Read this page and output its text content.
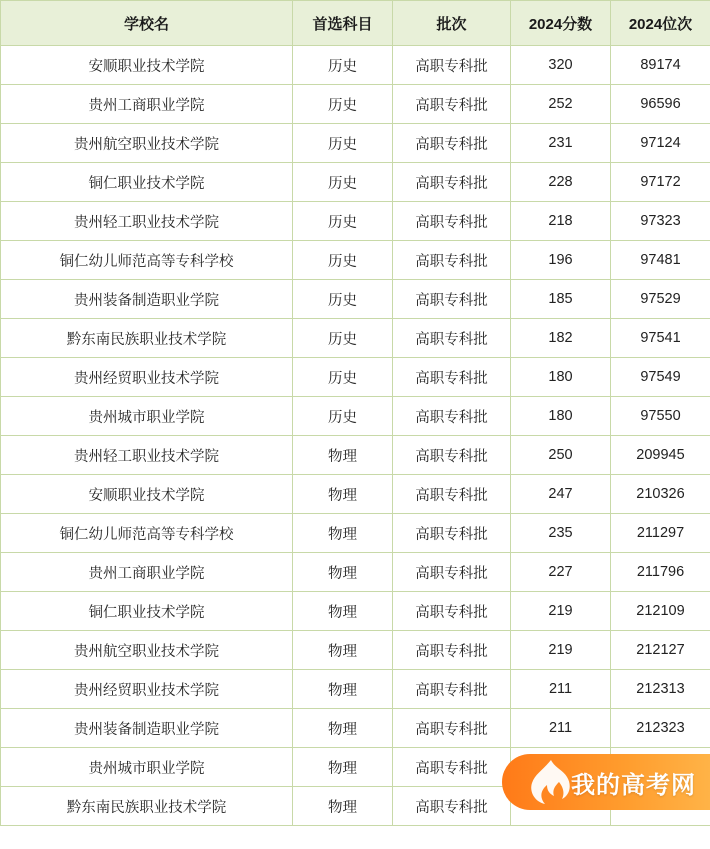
学校名	首选科目	批次	2024分数	2024位次
安顺职业技术学院	历史	高职专科批	320	89174
贵州工商职业学院	历史	高职专科批	252	96596
贵州航空职业技术学院	历史	高职专科批	231	97124
铜仁职业技术学院	历史	高职专科批	228	97172
贵州轻工职业技术学院	历史	高职专科批	218	97323
铜仁幼儿师范高等专科学校	历史	高职专科批	196	97481
贵州装备制造职业学院	历史	高职专科批	185	97529
黔东南民族职业技术学院	历史	高职专科批	182	97541
贵州经贸职业技术学院	历史	高职专科批	180	97549
贵州城市职业学院	历史	高职专科批	180	97550
贵州轻工职业技术学院	物理	高职专科批	250	209945
安顺职业技术学院	物理	高职专科批	247	210326
铜仁幼儿师范高等专科学校	物理	高职专科批	235	211297
贵州工商职业学院	物理	高职专科批	227	211796
铜仁职业技术学院	物理	高职专科批	219	212109
贵州航空职业技术学院	物理	高职专科批	219	212127
贵州经贸职业技术学院	物理	高职专科批	211	212313
贵州装备制造职业学院	物理	高职专科批	211	212323
贵州城市职业学院	物理	高职专科批		
黔东南民族职业技术学院	物理	高职专科批		
我的高考网
